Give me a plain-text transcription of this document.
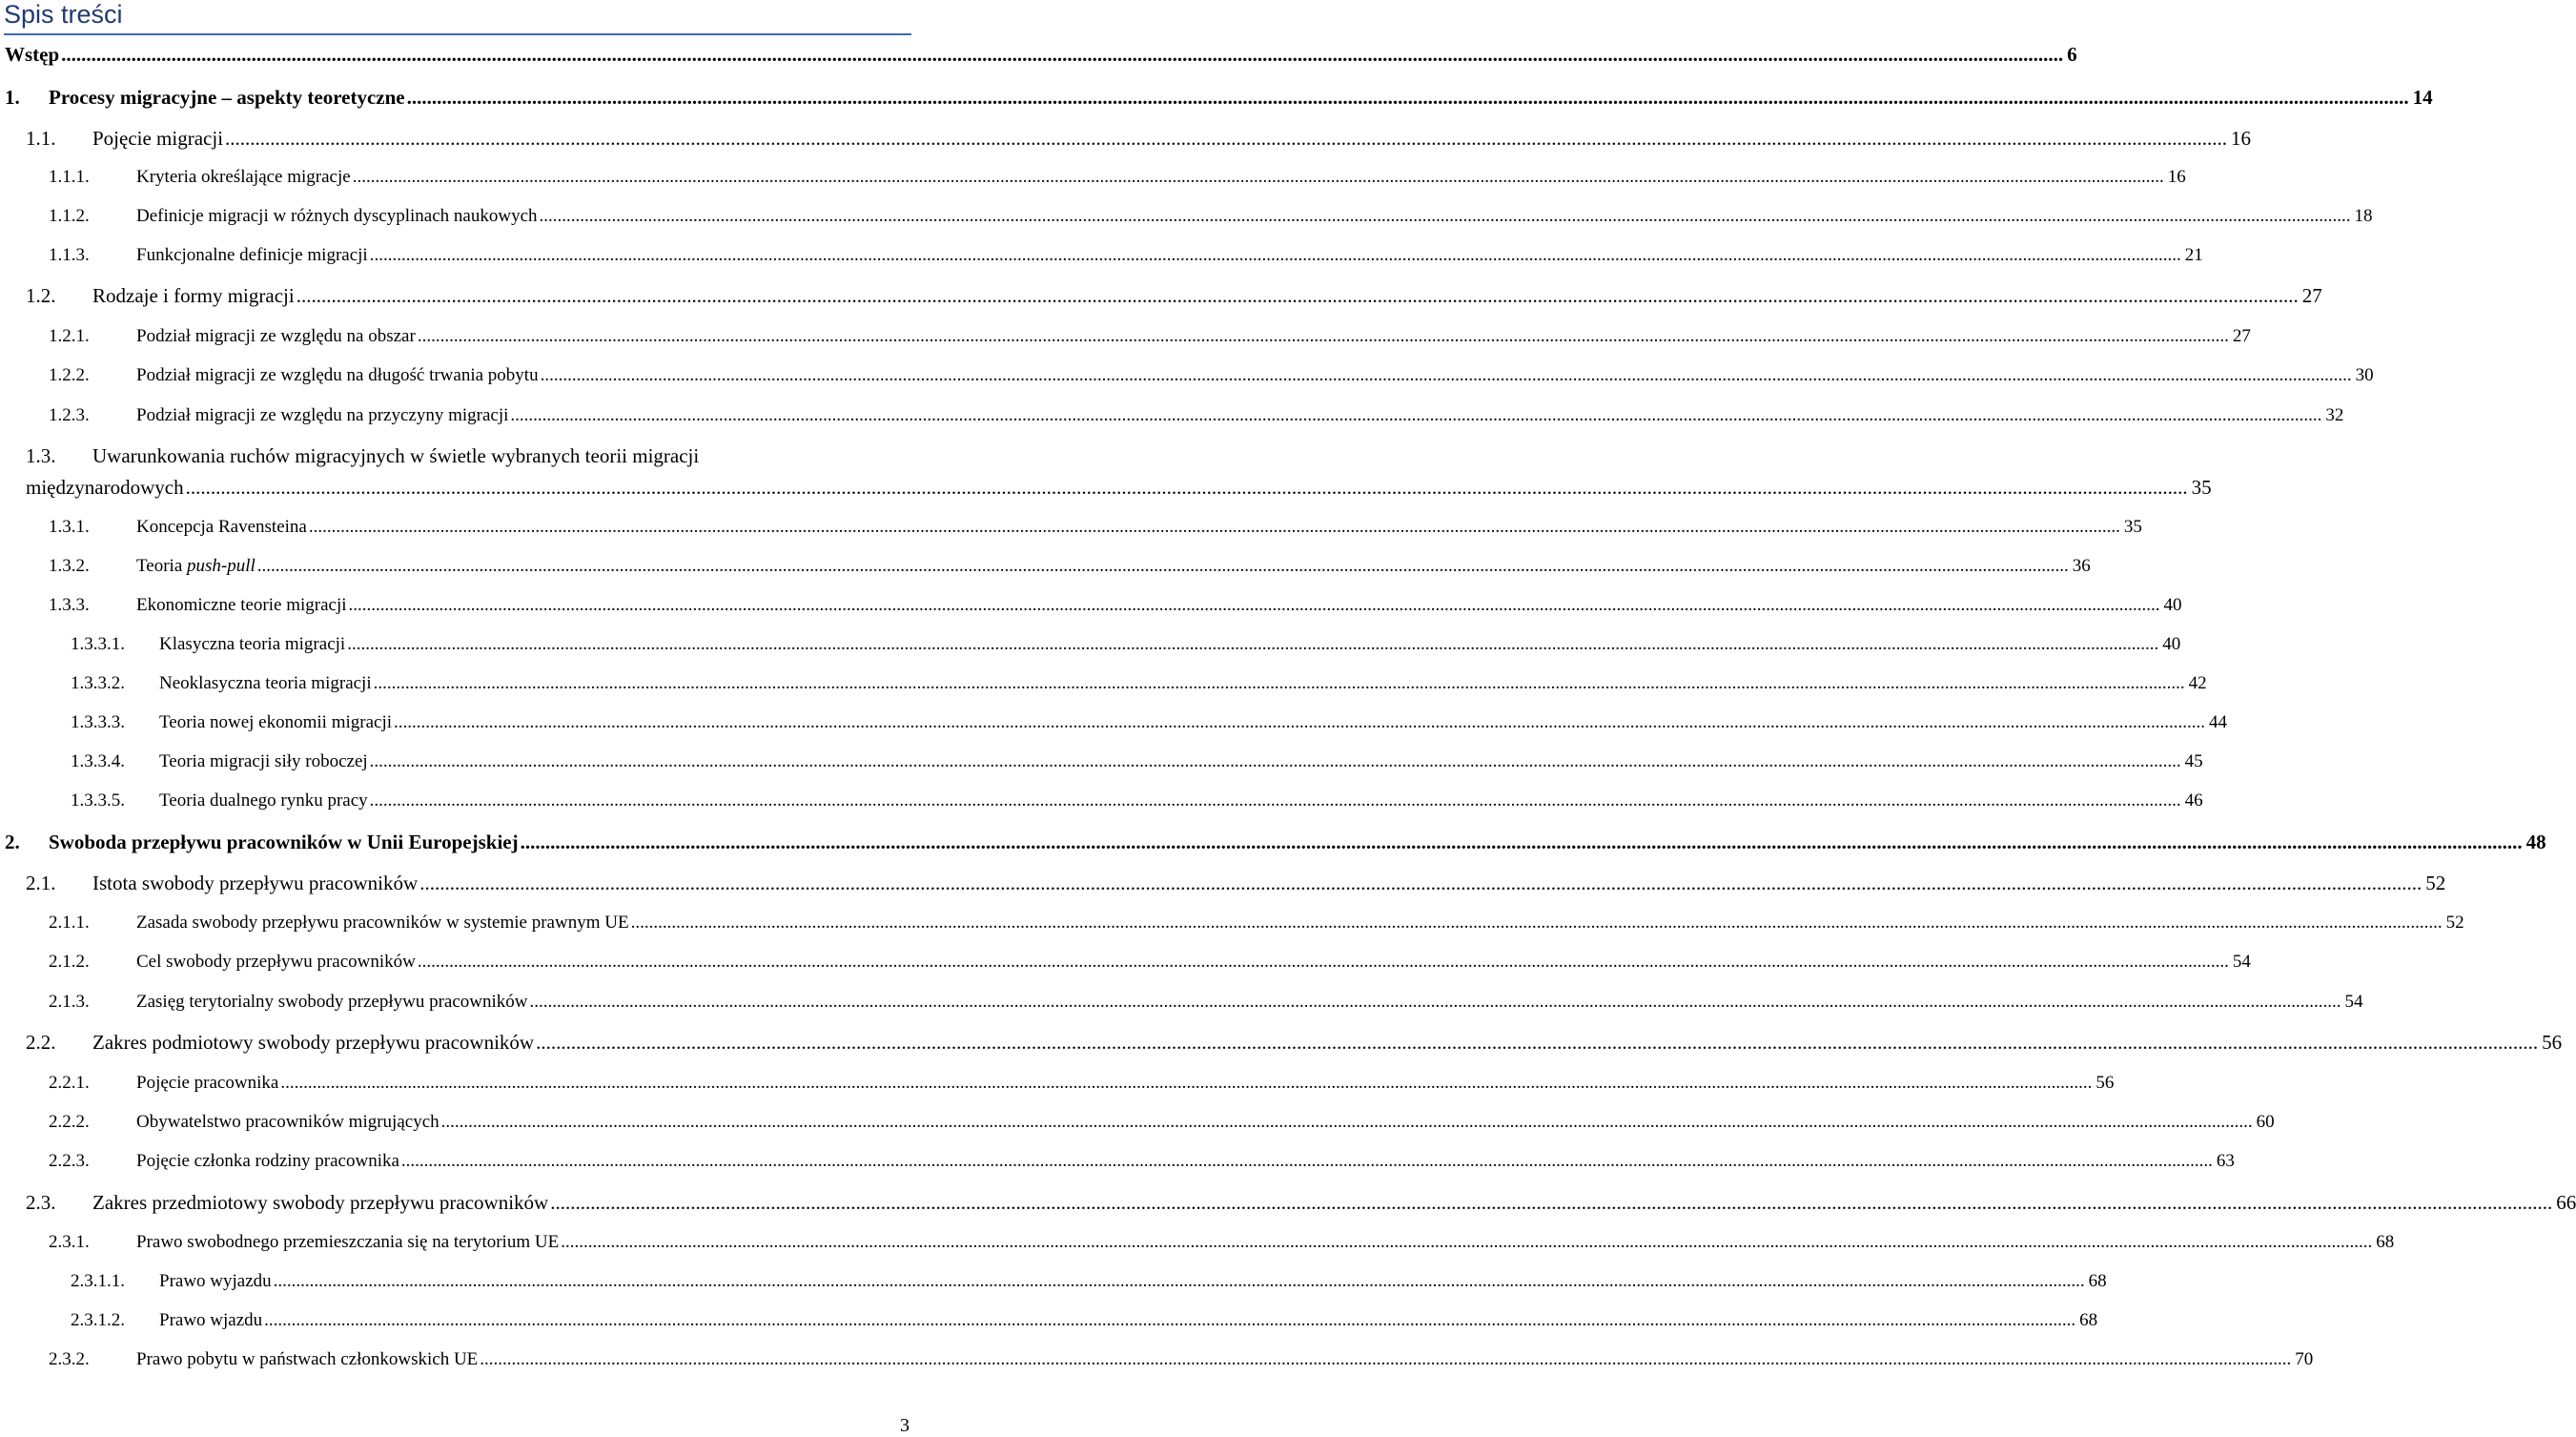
Spis treści
Wstęp ................................................................................................................................................................................................................................................................................................................................................................................................................ 6
1.	Procesy migracyjne – aspekty teoretyczne ................................................................................................................................................................................................................................................................................................................................................................................................................ 14
1.1.	Pojęcie migracji ................................................................................................................................................................................................................................................................................................................................................................................................................ 16
1.1.1.	Kryteria określające migracje ................................................................................................................................................................................................................................................................................................................................................................................................................ 16
1.1.2.	Definicje migracji w różnych dyscyplinach naukowych ................................................................................................................................................................................................................................................................................................................................................................................................................ 18
1.1.3.	Funkcjonalne definicje migracji ................................................................................................................................................................................................................................................................................................................................................................................................................ 21
1.2.	Rodzaje i formy migracji ................................................................................................................................................................................................................................................................................................................................................................................................................ 27
1.2.1.	Podział migracji ze względu na obszar ................................................................................................................................................................................................................................................................................................................................................................................................................ 27
1.2.2.	Podział migracji ze względu na długość trwania pobytu ................................................................................................................................................................................................................................................................................................................................................................................................................ 30
1.2.3.	Podział migracji ze względu na przyczyny migracji ................................................................................................................................................................................................................................................................................................................................................................................................................ 32
1.3.	Uwarunkowania ruchów migracyjnych w świetle wybranych teorii migracji
międzynarodowych ................................................................................................................................................................................................................................................................................................................................................................................................................ 35
1.3.1.	Koncepcja Ravensteina ................................................................................................................................................................................................................................................................................................................................................................................................................ 35
1.3.2.	Teoria push-pull ................................................................................................................................................................................................................................................................................................................................................................................................................ 36
1.3.3.	Ekonomiczne teorie migracji ................................................................................................................................................................................................................................................................................................................................................................................................................ 40
1.3.3.1.	Klasyczna teoria migracji ................................................................................................................................................................................................................................................................................................................................................................................................................ 40
1.3.3.2.	Neoklasyczna teoria migracji ................................................................................................................................................................................................................................................................................................................................................................................................................ 42
1.3.3.3.	Teoria nowej ekonomii migracji ................................................................................................................................................................................................................................................................................................................................................................................................................ 44
1.3.3.4.	Teoria migracji siły roboczej ................................................................................................................................................................................................................................................................................................................................................................................................................ 45
1.3.3.5.	Teoria dualnego rynku pracy ................................................................................................................................................................................................................................................................................................................................................................................................................ 46
2.	Swoboda przepływu pracowników w Unii Europejskiej ................................................................................................................................................................................................................................................................................................................................................................................................................ 48
2.1.	Istota swobody przepływu pracowników ................................................................................................................................................................................................................................................................................................................................................................................................................ 52
2.1.1.	Zasada swobody przepływu pracowników w systemie prawnym UE ................................................................................................................................................................................................................................................................................................................................................................................................................ 52
2.1.2.	Cel swobody przepływu pracowników ................................................................................................................................................................................................................................................................................................................................................................................................................ 54
2.1.3.	Zasięg terytorialny swobody przepływu pracowników ................................................................................................................................................................................................................................................................................................................................................................................................................ 54
2.2.	Zakres podmiotowy swobody przepływu pracowników ................................................................................................................................................................................................................................................................................................................................................................................................................ 56
2.2.1.	Pojęcie pracownika ................................................................................................................................................................................................................................................................................................................................................................................................................ 56
2.2.2.	Obywatelstwo pracowników migrujących ................................................................................................................................................................................................................................................................................................................................................................................................................ 60
2.2.3.	Pojęcie członka rodziny pracownika ................................................................................................................................................................................................................................................................................................................................................................................................................ 63
2.3.	Zakres przedmiotowy swobody przepływu pracowników ................................................................................................................................................................................................................................................................................................................................................................................................................ 66
2.3.1.	Prawo swobodnego przemieszczania się na terytorium UE ................................................................................................................................................................................................................................................................................................................................................................................................................ 68
2.3.1.1.	Prawo wyjazdu ................................................................................................................................................................................................................................................................................................................................................................................................................ 68
2.3.1.2.	Prawo wjazdu ................................................................................................................................................................................................................................................................................................................................................................................................................ 68
2.3.2.	Prawo pobytu w państwach członkowskich UE ................................................................................................................................................................................................................................................................................................................................................................................................................ 70
3
